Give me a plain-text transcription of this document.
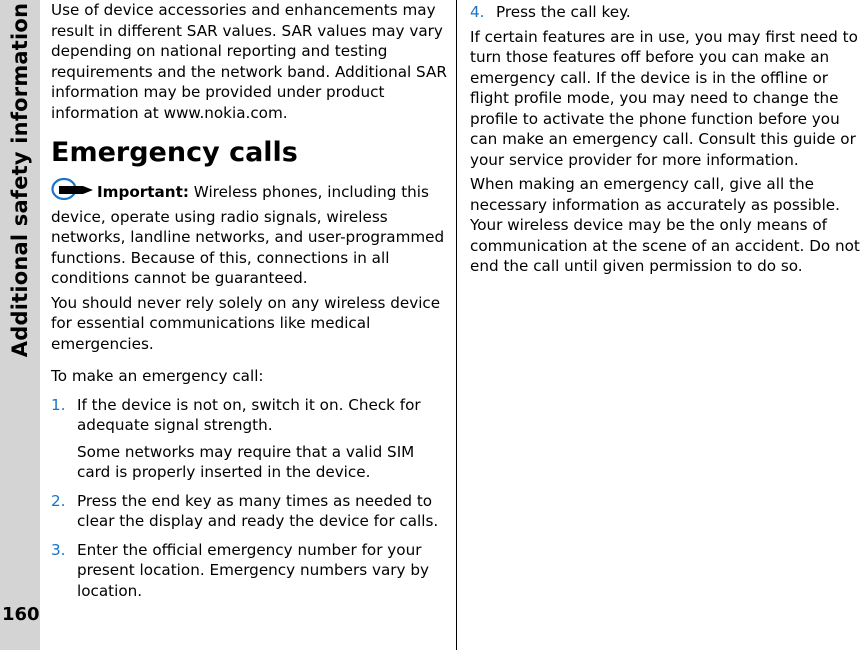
Additional safety information
160

Use of device accessories and enhancements may result in different SAR values. SAR values may vary depending on national reporting and testing requirements and the network band. Additional SAR information may be provided under product information at www.nokia.com.

Emergency calls

Important: Wireless phones, including this device, operate using radio signals, wireless networks, landline networks, and user-programmed functions. Because of this, connections in all conditions cannot be guaranteed.

You should never rely solely on any wireless device for essential communications like medical emergencies.

To make an emergency call:

1. If the device is not on, switch it on. Check for adequate signal strength.
Some networks may require that a valid SIM card is properly inserted in the device.
2. Press the end key as many times as needed to clear the display and ready the device for calls.
3. Enter the official emergency number for your present location. Emergency numbers vary by location.
4. Press the call key.

If certain features are in use, you may first need to turn those features off before you can make an emergency call. If the device is in the offline or flight profile mode, you may need to change the profile to activate the phone function before you can make an emergency call. Consult this guide or your service provider for more information.

When making an emergency call, give all the necessary information as accurately as possible. Your wireless device may be the only means of communication at the scene of an accident. Do not end the call until given permission to do so.
